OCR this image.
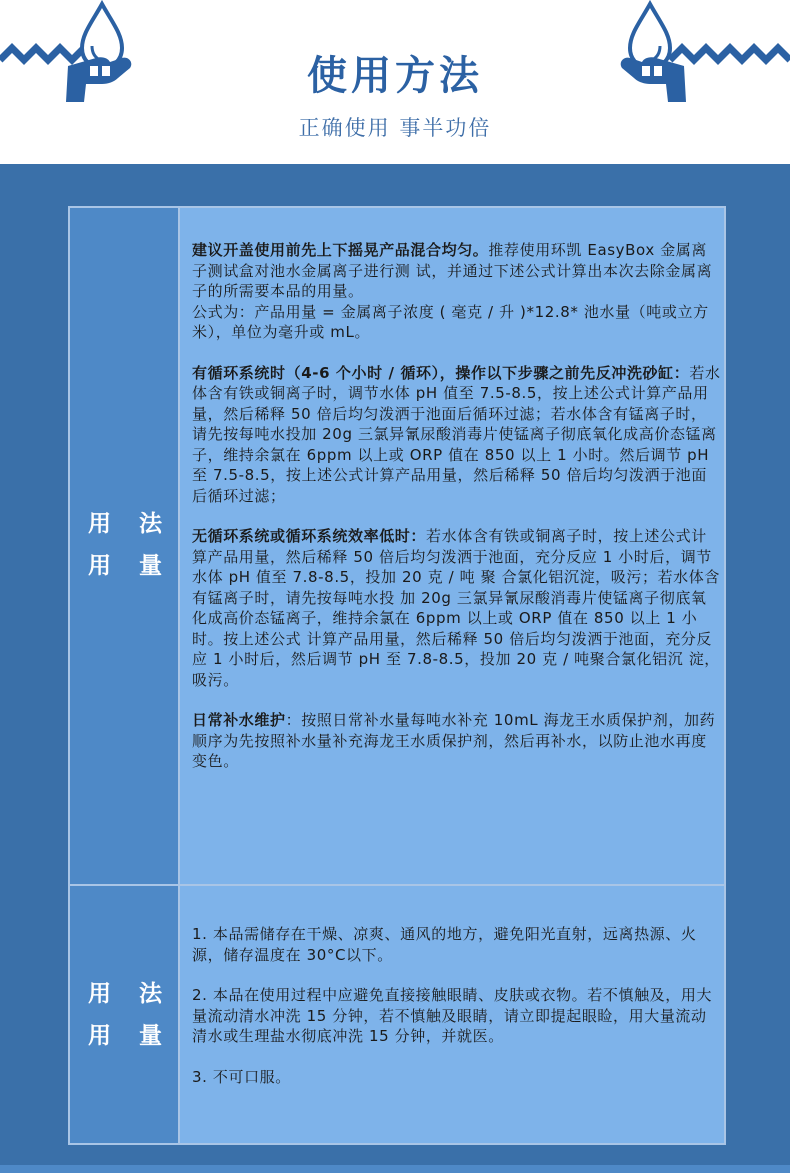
使用方法
正确使用 事半功倍
用 法
用 量

建议开盖使用前先上下摇晃产品混合均匀。推荐使用环凯 EasyBox 金属离子测试盒对池水金属离子进行测 试，并通过下述公式计算出本次去除金属离子的所需要本品的用量。

公式为：产品用量 = 金属离子浓度 ( 毫克 / 升 )*12.8* 池水量（吨或立方米），单位为毫升或 mL。

有循环系统时（4-6 个小时 / 循环），操作以下步骤之前先反冲洗砂缸：若水体含有铁或铜离子时，调节水体 pH 值至 7.5-8.5，按上述公式计算产品用量，然后稀释 50 倍后均匀泼洒于池面后循环过滤；若水体含有锰离子时，请先按每吨水投加 20g 三氯异氰尿酸消毒片使锰离子彻底氧化成高价态锰离子，维持余氯在 6ppm 以上或 ORP 值在 850 以上 1 小时。然后调节 pH 至 7.5-8.5，按上述公式计算产品用量，然后稀释 50 倍后均匀泼洒于池面后循环过滤；

无循环系统或循环系统效率低时：若水体含有铁或铜离子时，按上述公式计算产品用量，然后稀释 50 倍后均匀泼洒于池面，充分反应 1 小时后，调节水体 pH 值至 7.8-8.5，投加 20 克 / 吨 聚 合氯化铝沉淀，吸污；若水体含有锰离子时，请先按每吨水投 加 20g 三氯异氰尿酸消毒片使锰离子彻底氧化成高价态锰离子，维持余氯在 6ppm 以上或 ORP 值在 850 以上 1 小时。按上述公式 计算产品用量，然后稀释 50 倍后均匀泼洒于池面，充分反应 1 小时后，然后调节 pH 至 7.8-8.5，投加 20 克 / 吨聚合氯化铝沉 淀，吸污。

日常补水维护：按照日常补水量每吨水补充 10mL 海龙王水质保护剂，加药顺序为先按照补水量补充海龙王水质保护剂，然后再补水，以防止池水再度变色。

用 法
用 量

1. 本品需储存在干燥、凉爽、通风的地方，避免阳光直射，远离热源、火源，储存温度在 30°C以下。

2. 本品在使用过程中应避免直接接触眼睛、皮肤或衣物。若不慎触及，用大量流动清水冲洗 15 分钟，若不慎触及眼睛，请立即提起眼睑，用大量流动清水或生理盐水彻底冲洗 15 分钟，并就医。

3. 不可口服。
